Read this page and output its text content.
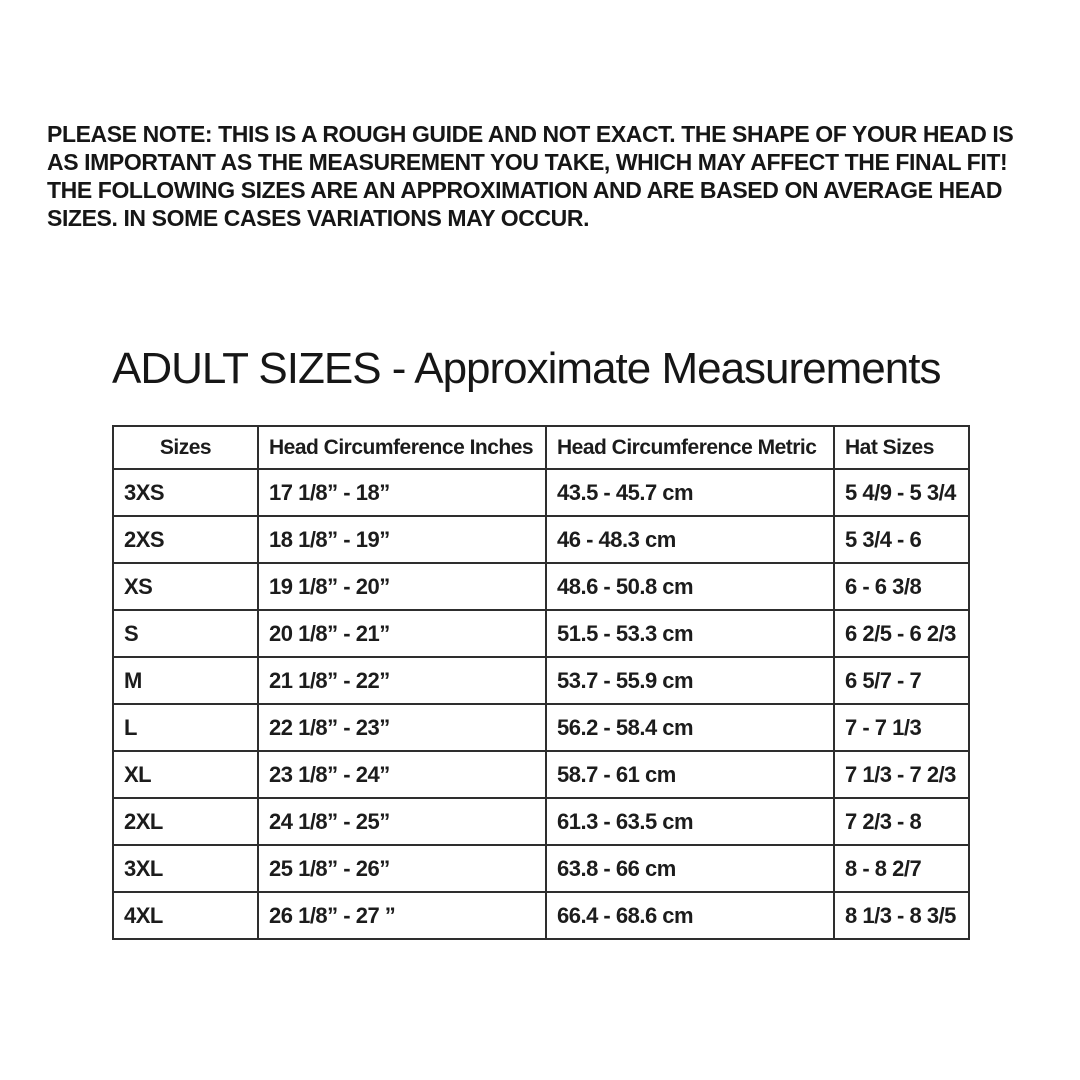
PLEASE NOTE: THIS IS A ROUGH GUIDE AND NOT EXACT. THE SHAPE OF YOUR HEAD IS AS IMPORTANT AS THE MEASUREMENT YOU TAKE, WHICH MAY AFFECT THE FINAL FIT! THE FOLLOWING SIZES ARE AN APPROXIMATION AND ARE BASED ON AVERAGE HEAD SIZES. IN SOME CASES VARIATIONS MAY OCCUR.
ADULT SIZES - Approximate Measurements
Sizes	Head Circumference Inches	Head Circumference Metric	Hat Sizes
3XS	17 1/8” - 18”	43.5 - 45.7 cm	5 4/9 - 5 3/4
2XS	18 1/8” - 19”	46 - 48.3 cm	5 3/4 - 6
XS	19 1/8” - 20”	48.6 - 50.8 cm	6 - 6 3/8
S	20 1/8” - 21”	51.5 - 53.3 cm	6 2/5 - 6 2/3
M	21 1/8” - 22”	53.7 - 55.9 cm	6 5/7 - 7
L	22 1/8” - 23”	56.2 - 58.4 cm	7 - 7 1/3
XL	23 1/8” - 24”	58.7 - 61 cm	7 1/3 - 7 2/3
2XL	24 1/8” - 25”	61.3 - 63.5 cm	7 2/3 - 8
3XL	25 1/8” - 26”	63.8 - 66 cm	8 - 8 2/7
4XL	26 1/8” - 27 ”	66.4 - 68.6 cm	8 1/3 - 8 3/5
